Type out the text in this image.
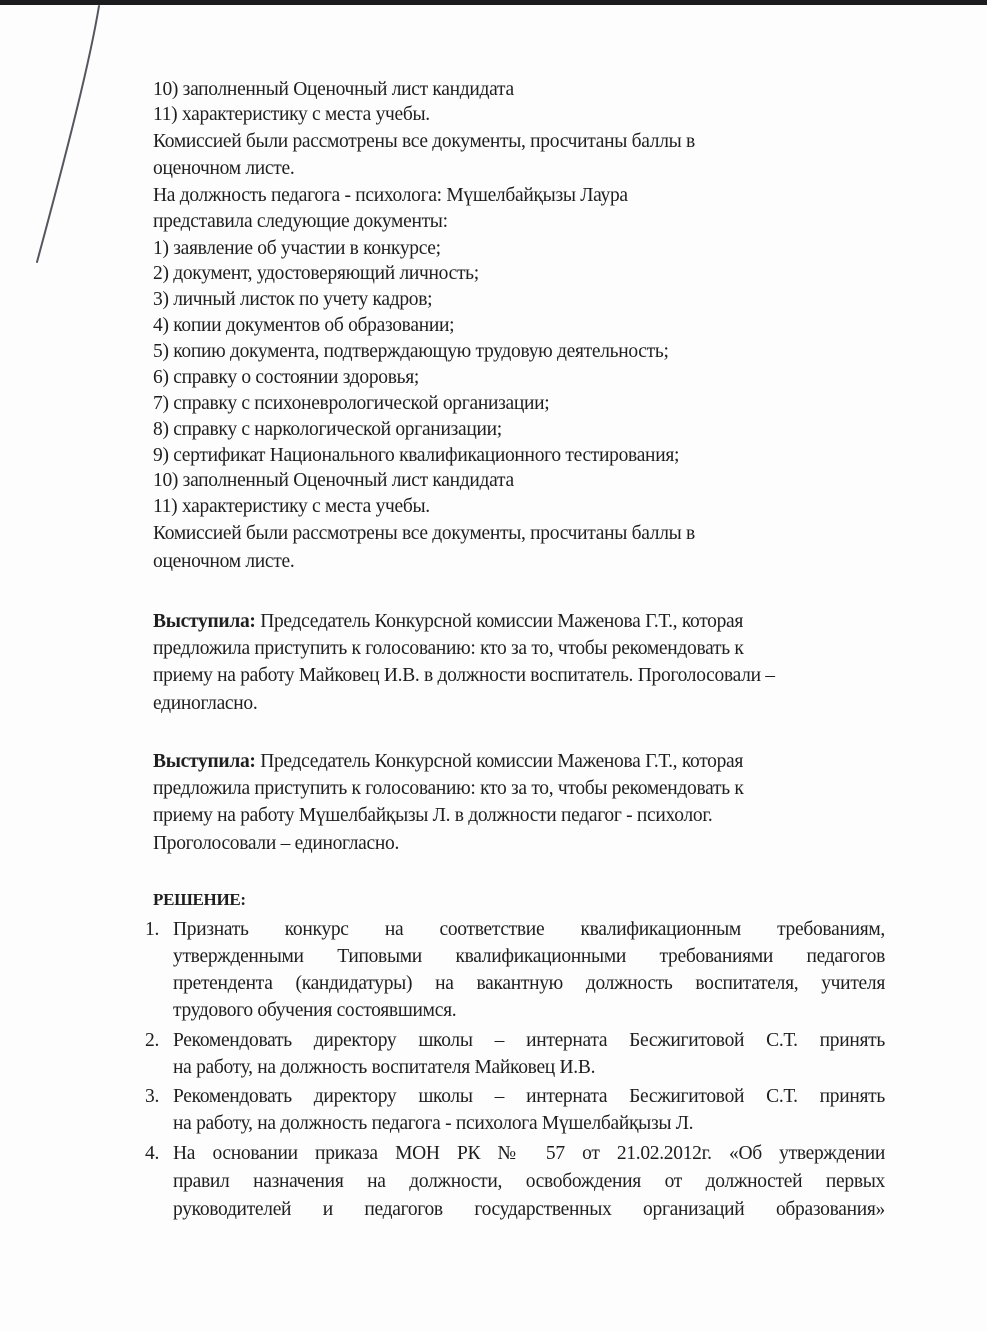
10) заполненный Оценочный лист кандидата
11) характеристику с места учебы.
Комиссией были рассмотрены все документы, просчитаны баллы в
оценочном листе.
На должность педагога - психолога: Мүшелбайқызы Лаура
представила следующие документы:
1) заявление об участии в конкурсе;
2) документ, удостоверяющий личность;
3) личный листок по учету кадров;
4) копии документов об образовании;
5) копию документа, подтверждающую трудовую деятельность;
6) справку о состоянии здоровья;
7) справку с психоневрологической организации;
8) справку с наркологической организации;
9) сертификат Национального квалификационного тестирования;
10) заполненный Оценочный лист кандидата
11) характеристику с места учебы.
Комиссией были рассмотрены все документы, просчитаны баллы в
оценочном листе.
Выступила: Председатель Конкурсной комиссии Маженова Г.Т., которая
предложила приступить к голосованию: кто за то, чтобы рекомендовать к
приему на работу Майковец И.В. в должности воспитатель. Проголосовали –
единогласно.
Выступила: Председатель Конкурсной комиссии Маженова Г.Т., которая
предложила приступить к голосованию: кто за то, чтобы рекомендовать к
приему на работу Мүшелбайқызы Л. в должности педагог - психолог.
Проголосовали – единогласно.
РЕШЕНИЕ:
1. Признать конкурс на соответствие квалификационным требованиям,
утвержденными Типовыми квалификационными требованиями педагогов
претендента (кандидатуры) на вакантную должность воспитателя, учителя
трудового обучения состоявшимся.
2. Рекомендовать директору школы – интерната Бесжигитовой С.Т. принять
на работу, на должность воспитателя Майковец И.В.
3. Рекомендовать директору школы – интерната Бесжигитовой С.Т. принять
на работу, на должность педагога - психолога Мүшелбайқызы Л.
4. На основании приказа МОН РК № 57 от 21.02.2012г. «Об утверждении
правил назначения на должности, освобождения от должностей первых
руководителей и педагогов государственных организаций образования»
